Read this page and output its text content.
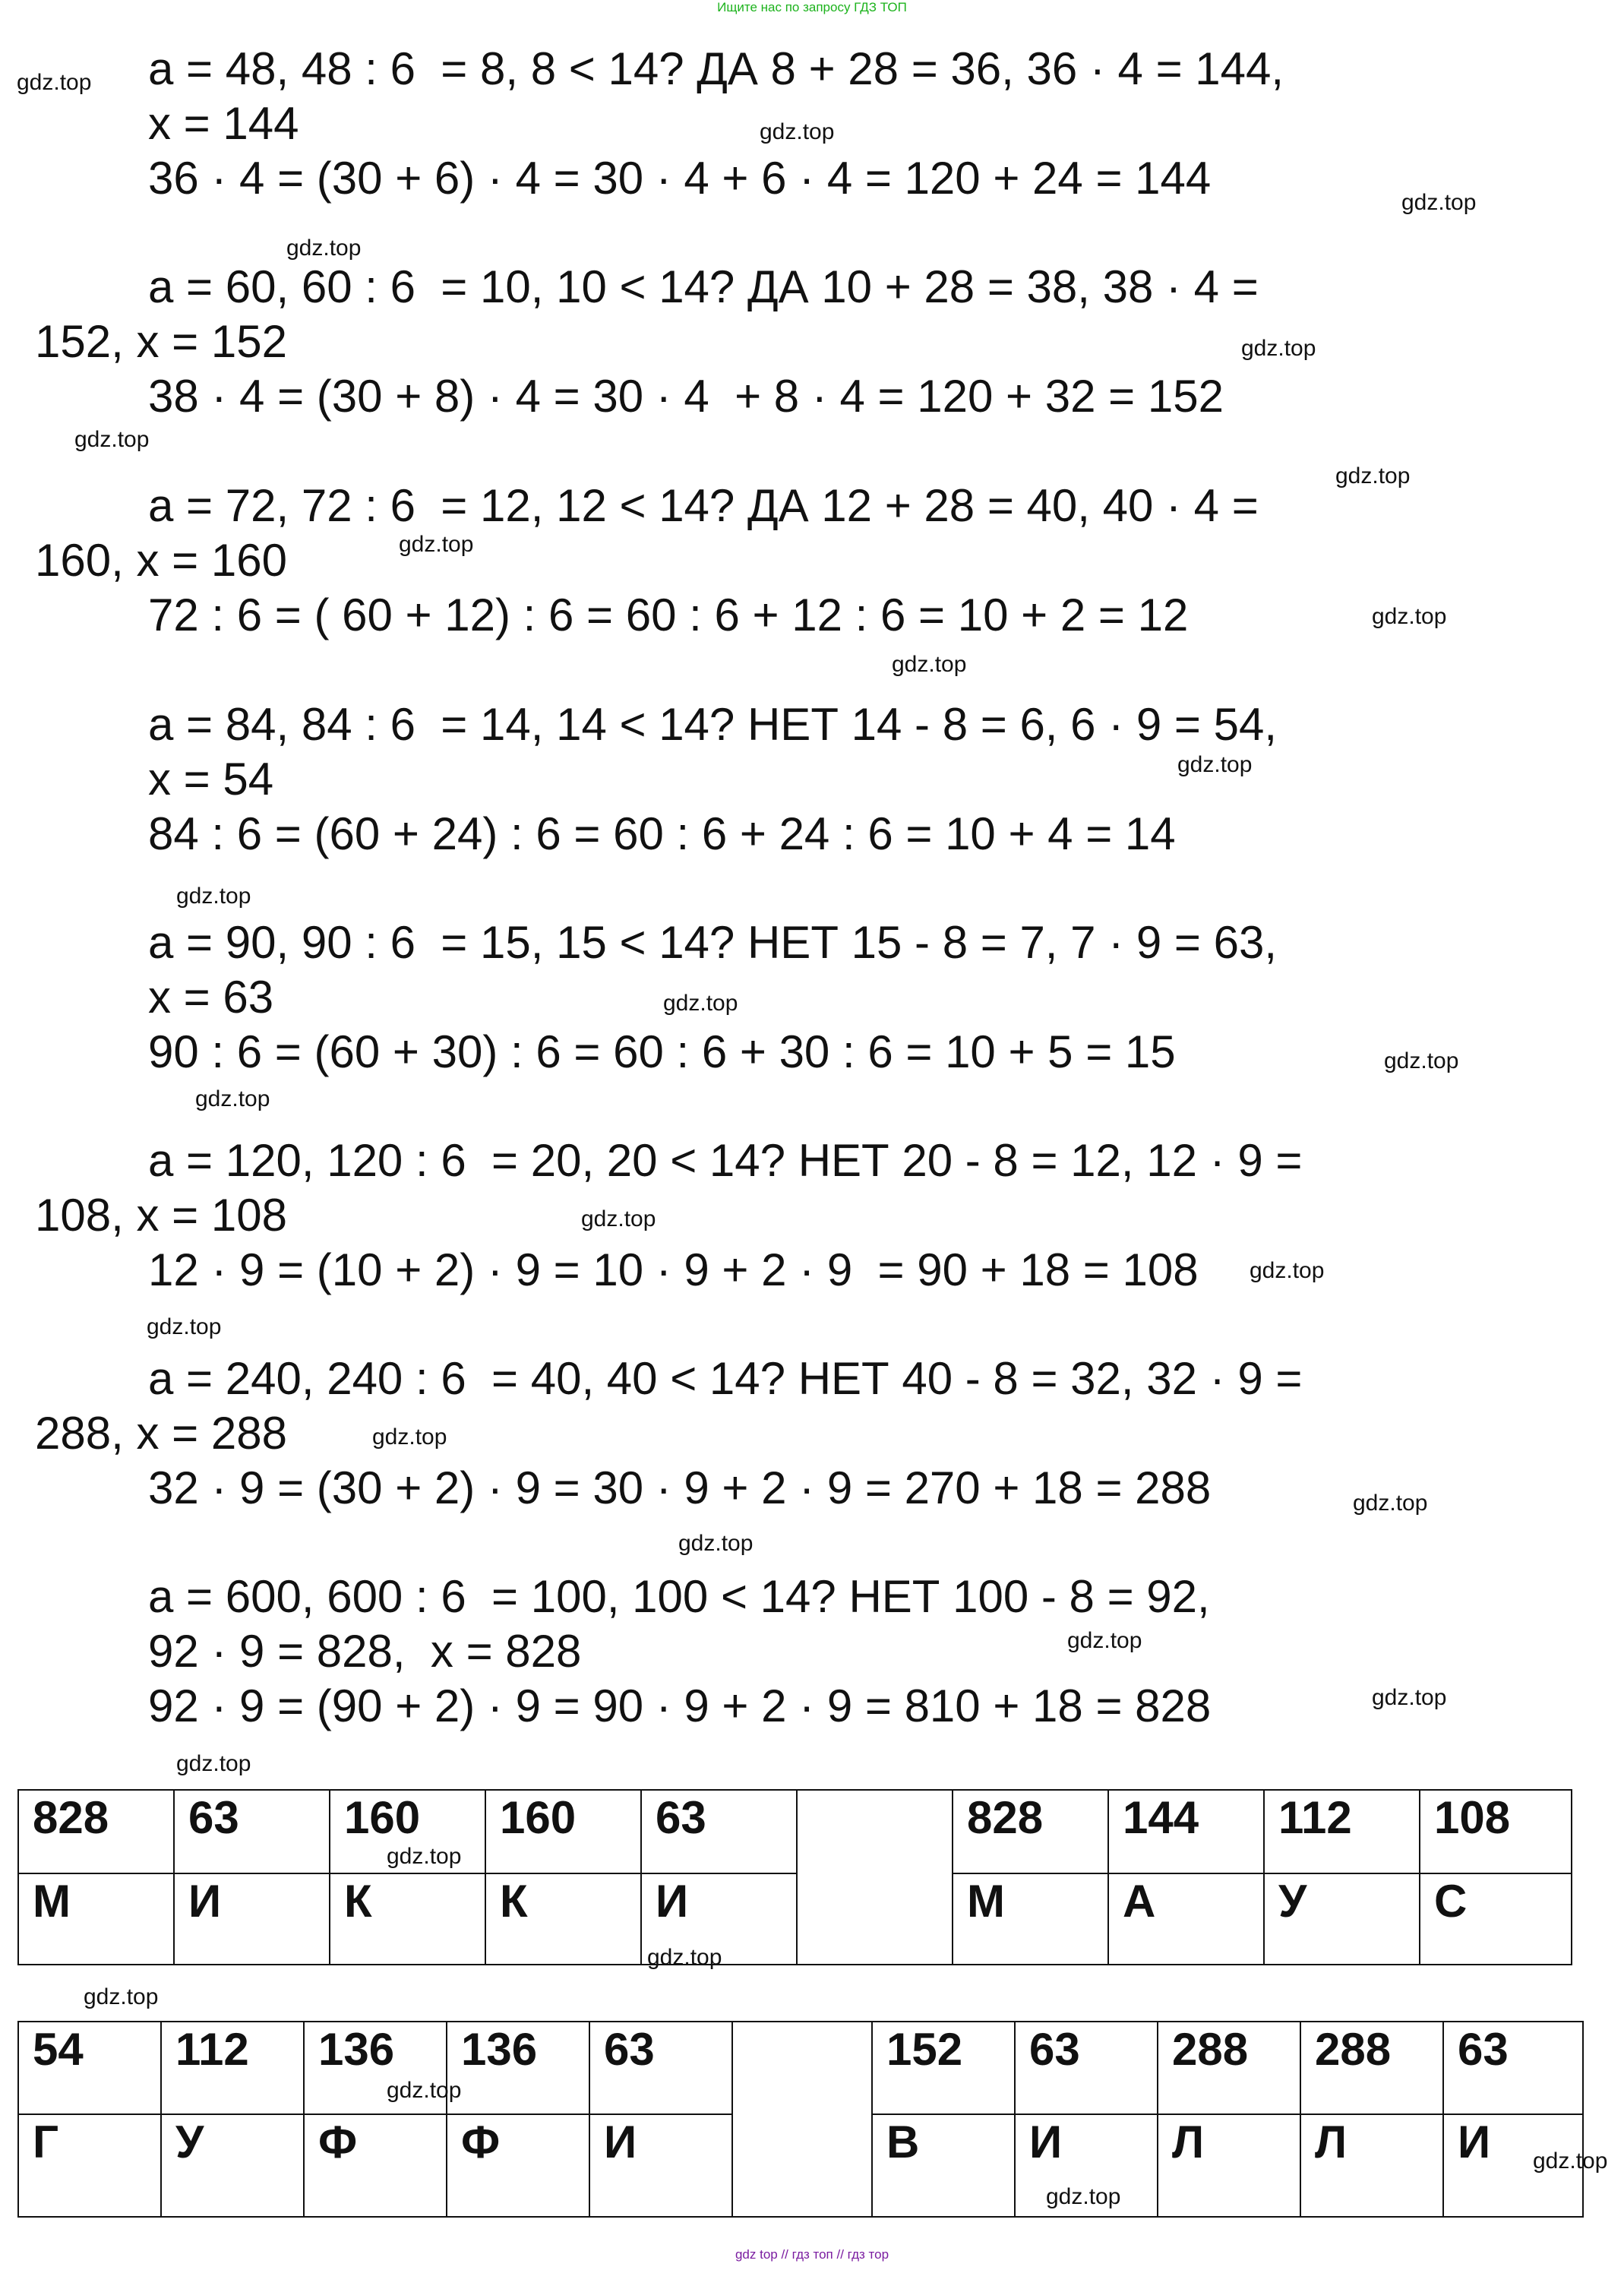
Ищите нас по запросу ГДЗ ТОП
a = 48, 48 : 6  = 8, 8 < 14? ДА 8 + 28 = 36, 36 · 4 = 144,
x = 144
36 · 4 = (30 + 6) · 4 = 30 · 4 + 6 · 4 = 120 + 24 = 144
a = 60, 60 : 6  = 10, 10 < 14? ДА 10 + 28 = 38, 38 · 4 =
152, x = 152
38 · 4 = (30 + 8) · 4 = 30 · 4  + 8 · 4 = 120 + 32 = 152
a = 72, 72 : 6  = 12, 12 < 14? ДА 12 + 28 = 40, 40 · 4 =
160, x = 160
72 : 6 = ( 60 + 12) : 6 = 60 : 6 + 12 : 6 = 10 + 2 = 12
a = 84, 84 : 6  = 14, 14 < 14? НЕТ 14 - 8 = 6, 6 · 9 = 54,
x = 54
84 : 6 = (60 + 24) : 6 = 60 : 6 + 24 : 6 = 10 + 4 = 14
a = 90, 90 : 6  = 15, 15 < 14? НЕТ 15 - 8 = 7, 7 · 9 = 63,
x = 63
90 : 6 = (60 + 30) : 6 = 60 : 6 + 30 : 6 = 10 + 5 = 15
a = 120, 120 : 6  = 20, 20 < 14? НЕТ 20 - 8 = 12, 12 · 9 =
108, x = 108
12 · 9 = (10 + 2) · 9 = 10 · 9 + 2 · 9  = 90 + 18 = 108
a = 240, 240 : 6  = 40, 40 < 14? НЕТ 40 - 8 = 32, 32 · 9 =
288, x = 288
32 · 9 = (30 + 2) · 9 = 30 · 9 + 2 · 9 = 270 + 18 = 288
a = 600, 600 : 6  = 100, 100 < 14? НЕТ 100 - 8 = 92,
92 · 9 = 828,  x = 828
92 · 9 = (90 + 2) · 9 = 90 · 9 + 2 · 9 = 810 + 18 = 828
gdz.top
gdz.top
gdz.top
gdz.top
gdz.top
gdz.top
gdz.top
gdz.top
gdz.top
gdz.top
gdz.top
gdz.top
gdz.top
gdz.top
gdz.top
gdz.top
gdz.top
gdz.top
gdz.top
gdz.top
gdz.top
gdz.top
gdz.top
gdz.top
gdz.top
gdz.top
gdz.top
gdz.top
gdz.top
gdz.top
828	63	160	160	63		828	144	112	108
М	И	К	К	И		М	А	У	С
54	112	136	136	63		152	63	288	288	63
Г	У	Ф	Ф	И		В	И	Л	Л	И
gdz top // гдз топ // гдз тор
